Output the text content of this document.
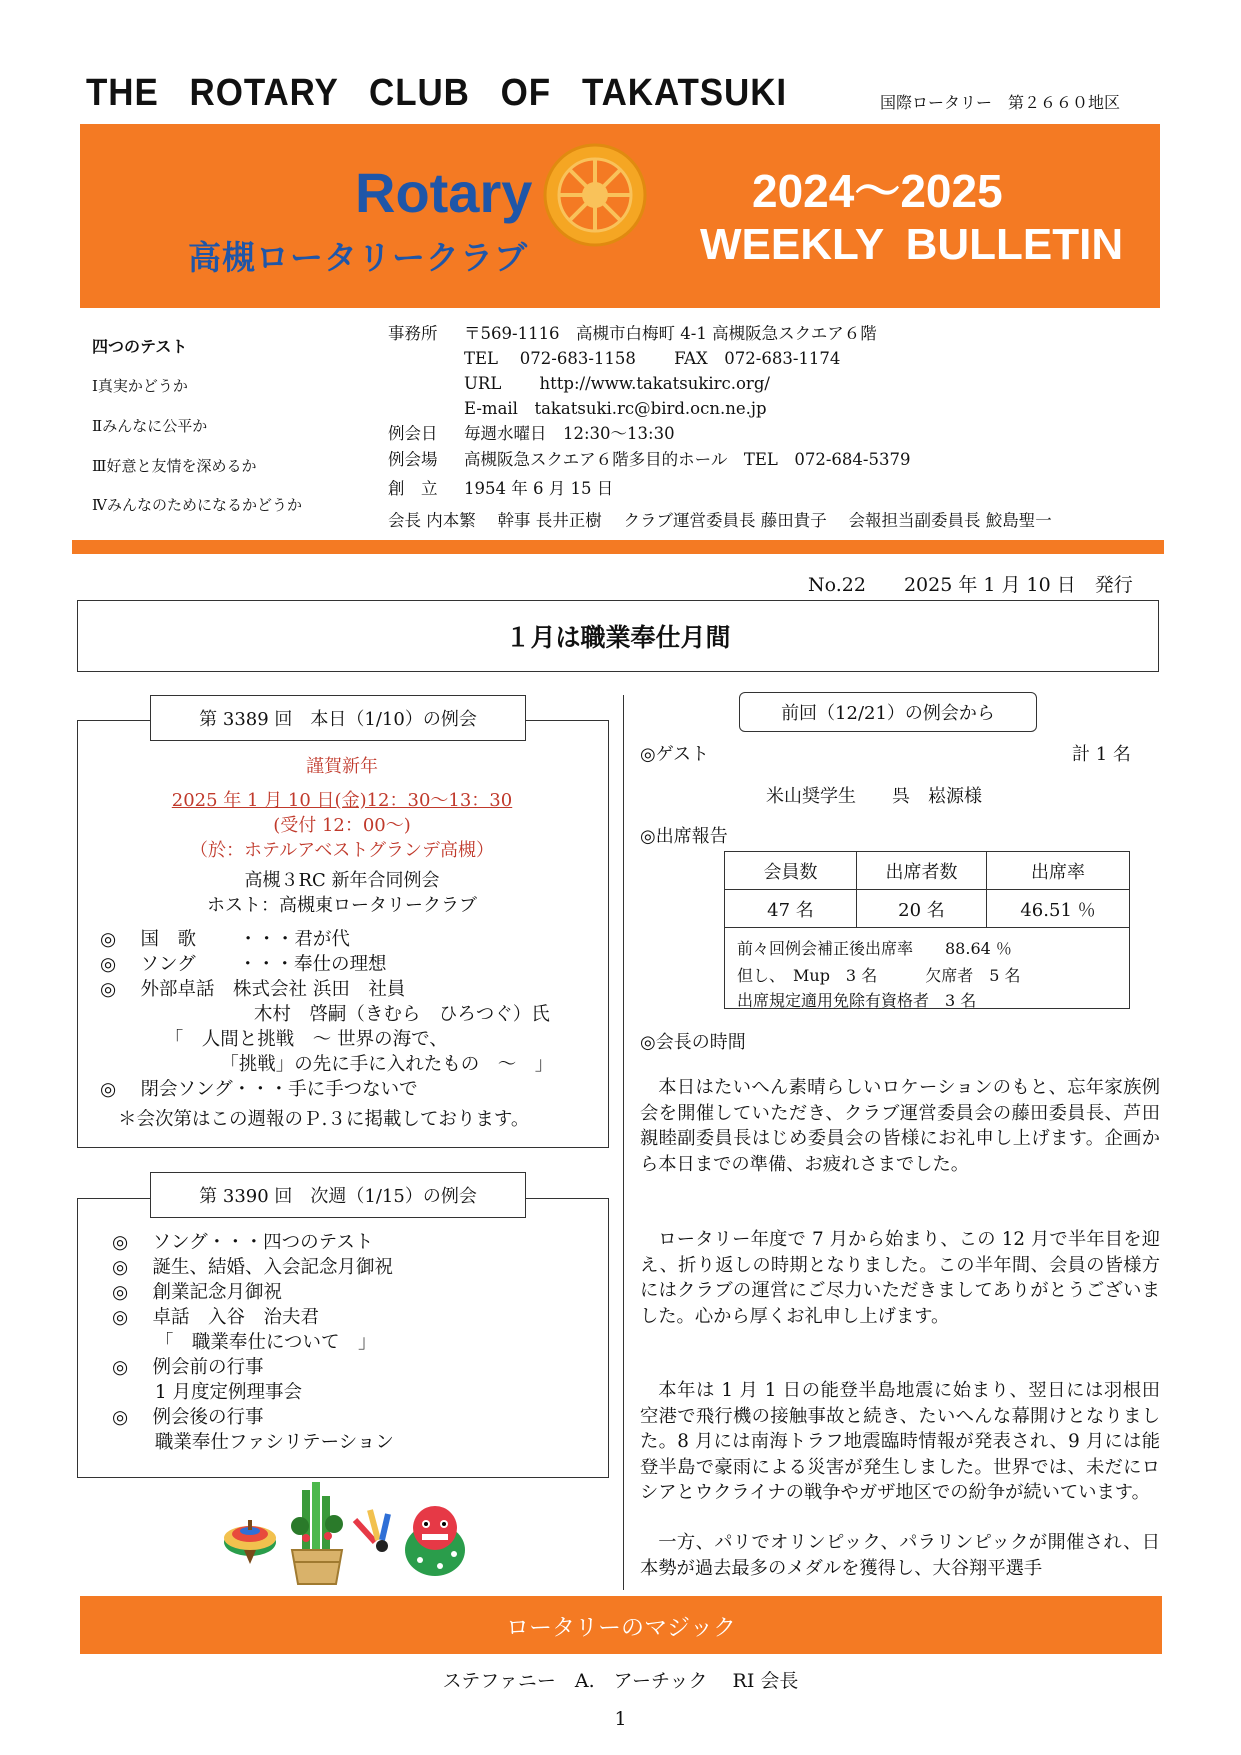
THE ROTARY CLUB OF TAKATSUKI	国際ロータリー　第２６６０地区
Rotary
高槻ロータリークラブ
2024～2025
WEEKLY BULLETIN
四つのテスト
Ⅰ真実かどうか
Ⅱみんなに公平か
Ⅲ好意と友情を深めるか
Ⅳみんなのためになるかどうか
事務所 〒569-1116　高槻市白梅町 4-1 高槻阪急スクエア６階
TEL　 072-683-1158　　 FAX　072-683-1174
URL　　 http://www.takatsukirc.org/
E-mail　takatsuki.rc@bird.ocn.ne.jp
例会日 毎週水曜日　12:30～13:30
例会場 高槻阪急スクエア６階多目的ホール　TEL　072-684-5379
創　立 1954 年 6 月 15 日
会長 内本繁　 幹事 長井正樹　 クラブ運営委員長 藤田貴子　 会報担当副委員長 鮫島聖一
No.22　　2025 年 1 月 10 日　発行
１月は職業奉仕月間
第 3389 回　本日（1/10）の例会
謹賀新年
2025 年 1 月 10 日(金)12：30～13：30
(受付 12：00～)
（於：ホテルアベストグランデ高槻）
高槻３RC 新年合同例会
ホスト：高槻東ロータリークラブ
◎　 国　歌　　 ・・・君が代
◎　 ソング　　 ・・・奉仕の理想
◎　 外部卓話　株式会社 浜田　社員
　　　　　　　　 木村　啓嗣（きむら　ひろつぐ）氏
　　　　「　人間と挑戦　～ 世界の海で、
　　　　　　　「挑戦」の先に手に入れたもの　～　」
◎　 閉会ソング・・・手に手つないで
＊会次第はこの週報のＰ.３に掲載しております。
第 3390 回　次週（1/15）の例会
◎　 ソング・・・四つのテスト
◎　 誕生、結婚、入会記念月御祝
◎　 創業記念月御祝
◎　 卓話　入谷　治夫君
　　 「　職業奉仕について　」
◎　 例会前の行事
　　 1 月度定例理事会
◎　 例会後の行事
　　 職業奉仕ファシリテーション
前回（12/21）の例会から
◎ゲスト	計 1 名
米山奨学生　　呉　崧源様
◎出席報告
会員数	出席者数	出席率
47 名	20 名	46.51 ％
前々回例会補正後出席率　　88.64 ％
但し、　Mup　3 名　　　欠席者　5 名
出席規定適用免除有資格者　3 名
◎会長の時間
本日はたいへん素晴らしいロケーションのもと、忘年家族例会を開催していただき、クラブ運営委員会の藤田委員長、芦田親睦副委員長はじめ委員会の皆様にお礼申し上げます。企画から本日までの準備、お疲れさまでした。
ロータリー年度で 7 月から始まり、この 12 月で半年目を迎え、折り返しの時期となりました。この半年間、会員の皆様方にはクラブの運営にご尽力いただきましてありがとうございました。心から厚くお礼申し上げます。
本年は 1 月 1 日の能登半島地震に始まり、翌日には羽根田空港で飛行機の接触事故と続き、たいへんな幕開けとなりました。8 月には南海トラフ地震臨時情報が発表され、9 月には能登半島で豪雨による災害が発生しました。世界では、未だにロシアとウクライナの戦争やガザ地区での紛争が続いています。
一方、パリでオリンピック、パラリンピックが開催され、日本勢が過去最多のメダルを獲得し、大谷翔平選手
ロータリーのマジック
ステファニー　A.　アーチック　 RI 会長
1
